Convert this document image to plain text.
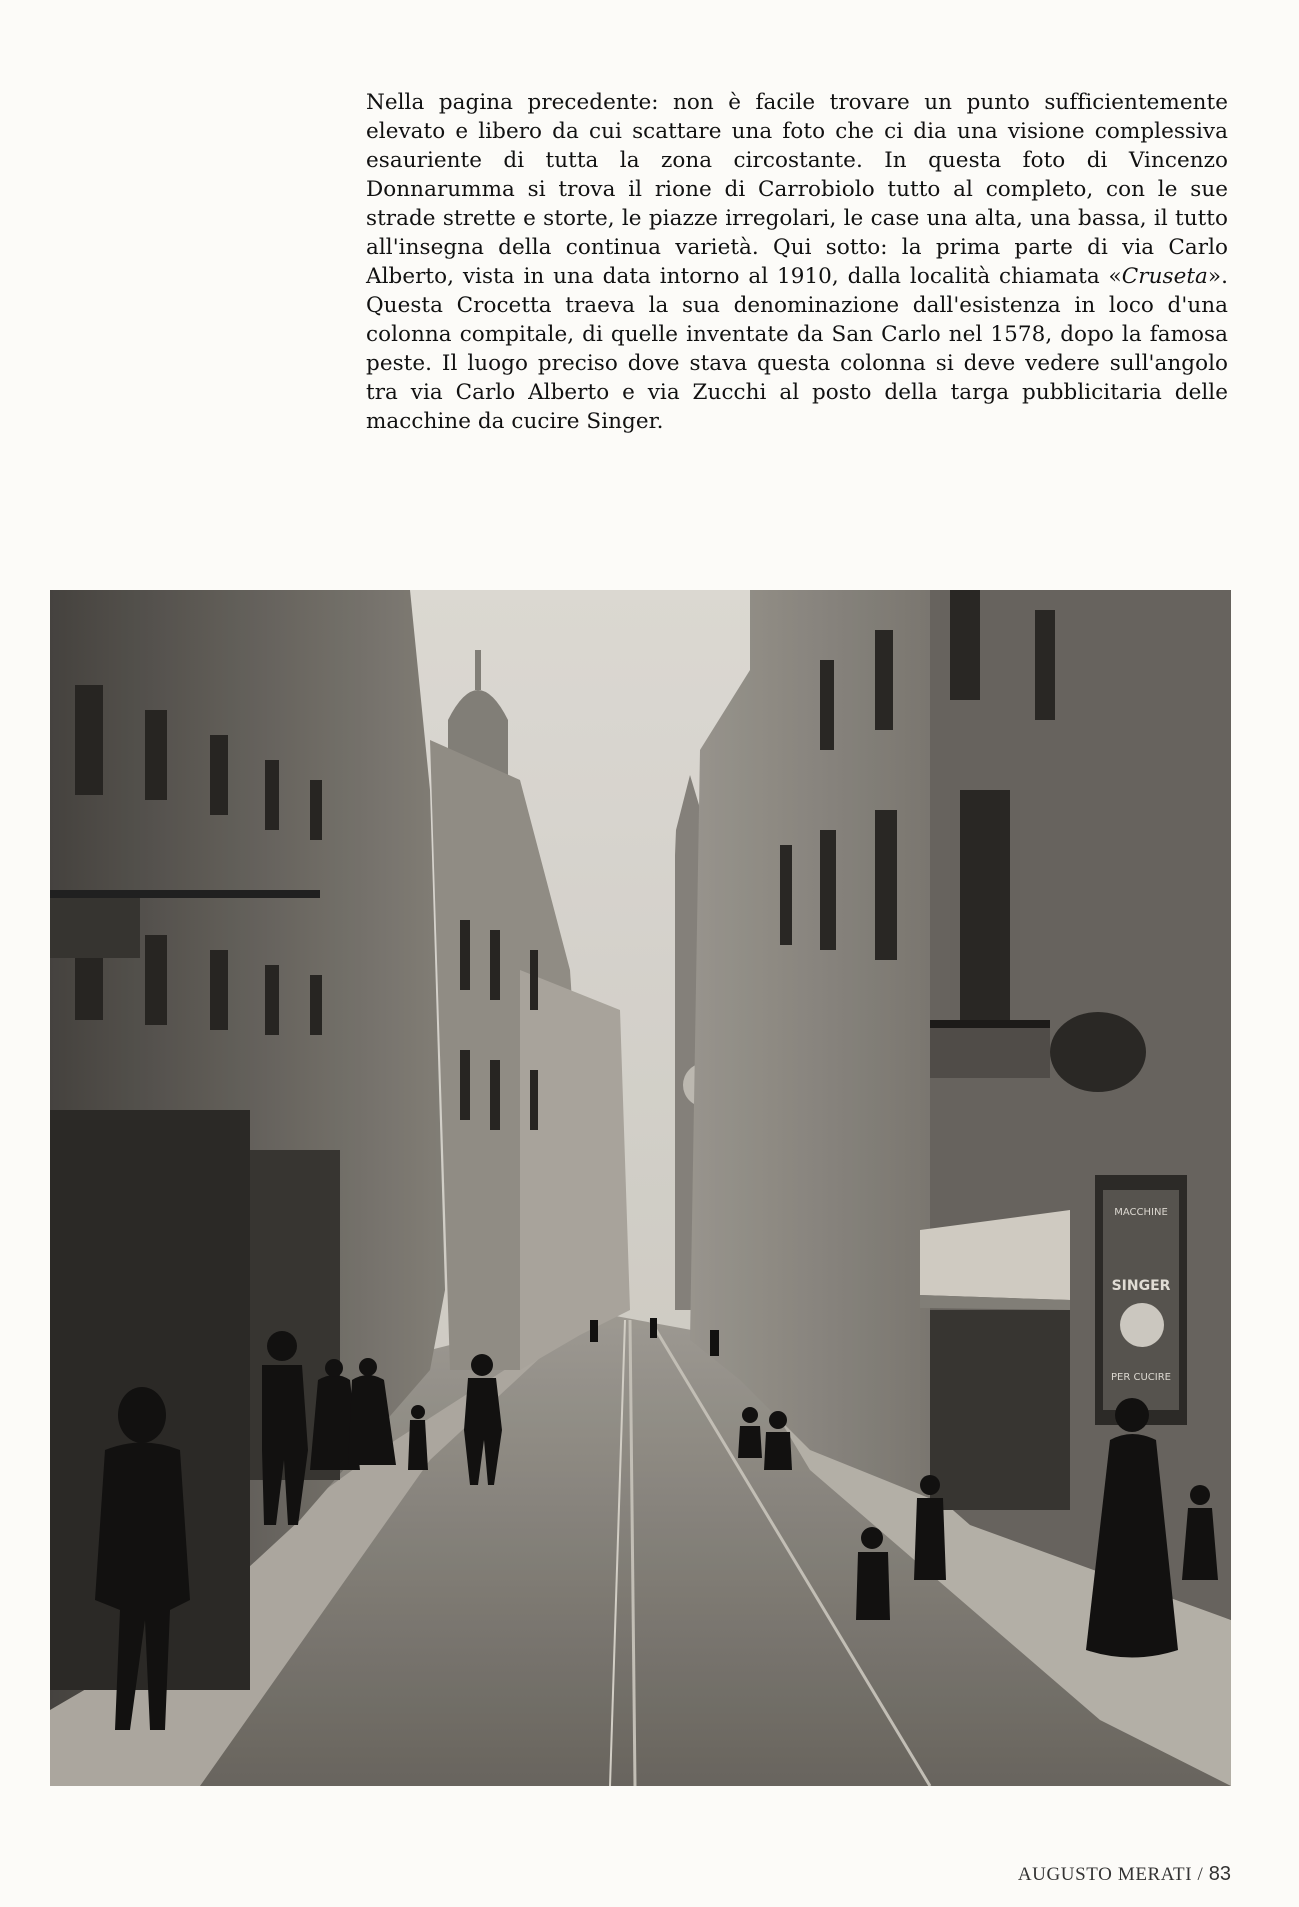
Nella pagina precedente: non è facile trovare un punto sufficientemente elevato e libero da cui scattare una foto che ci dia una visione complessiva esauriente di tutta la zona circostante. In questa foto di Vincenzo Donnarumma si trova il rione di Carrobiolo tutto al completo, con le sue strade strette e storte, le piazze irregolari, le case una alta, una bassa, il tutto all'insegna della continua varietà. Qui sotto: la prima parte di via Carlo Alberto, vista in una data intorno al 1910, dalla località chiamata «Cruseta». Questa Crocetta traeva la sua denominazione dall'esistenza in loco d'una colonna compitale, di quelle inventate da San Carlo nel 1578, dopo la famosa peste. Il luogo preciso dove stava questa colonna si deve vedere sull'angolo tra via Carlo Alberto e via Zucchi al posto della targa pubblicitaria delle macchine da cucire Singer.

MACCHINE
SINGER
PER CUCIRE
AUGUSTO MERATI / 83
